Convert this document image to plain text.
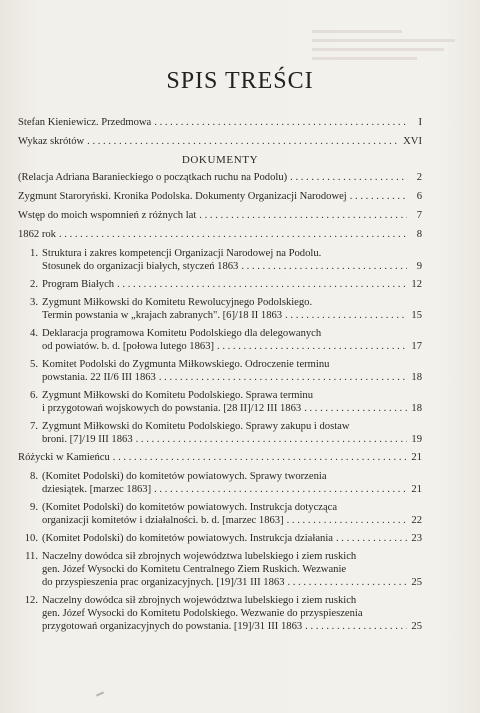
SPIS TREŚCI
Stefan Kieniewicz. Przedmowa . . .	I
Wykaz skrótów . . .	XVI
DOKUMENTY
(Relacja Adriana Baranieckiego o początkach ruchu na Podolu) . . .	2
Zygmunt Staroryński. Kronika Podolska. Dokumenty Organizacji Narodowej . . .	6
Wstęp do moich wspomnień z różnych lat . . .	7
1862 rok . . .	8
1. Struktura i zakres kompetencji Organizacji Narodowej na Podolu.
Stosunek do organizacji białych, styczeń 1863 . . .	9
2. Program Białych . . .	12
3. Zygmunt Miłkowski do Komitetu Rewolucyjnego Podolskiego.
Termin powstania w „krajach zabranych". [6]/18 II 1863 . . .	15
4. Deklaracja programowa Komitetu Podolskiego dla delegowanych
od powiatów. b. d. [połowa lutego 1863] . . .	17
5. Komitet Podolski do Zygmunta Miłkowskiego. Odroczenie terminu
powstania. 22 II/6 III 1863 . . .	18
6. Zygmunt Miłkowski do Komitetu Podolskiego. Sprawa terminu
i przygotowań wojskowych do powstania. [28 II]/12 III 1863 . . .	18
7. Zygmunt Miłkowski do Komitetu Podolskiego. Sprawy zakupu i dostaw
broni. [7]/19 III 1863 . . .	19
Różycki w Kamieńcu . . .	21
8. (Komitet Podolski) do komitetów powiatowych. Sprawy tworzenia
dziesiątek. [marzec 1863] . . .	21
9. (Komitet Podolski) do komitetów powiatowych. Instrukcja dotycząca
organizacji komitetów i działalności. b. d. [marzec 1863] . . .	22
10. (Komitet Podolski) do komitetów powiatowych. Instrukcja działania . . .	23
11. Naczelny dowódca sił zbrojnych województwa lubelskiego i ziem ruskich
gen. Józef Wysocki do Komitetu Centralnego Ziem Ruskich. Wezwanie
do przyspieszenia prac organizacyjnych. [19]/31 III 1863 . . .	25
12. Naczelny dowódca sił zbrojnych województwa lubelskiego i ziem ruskich
gen. Józef Wysocki do Komitetu Podolskiego. Wezwanie do przyspieszenia
przygotowań organizacyjnych do powstania. [19]/31 III 1863 . . .	25
